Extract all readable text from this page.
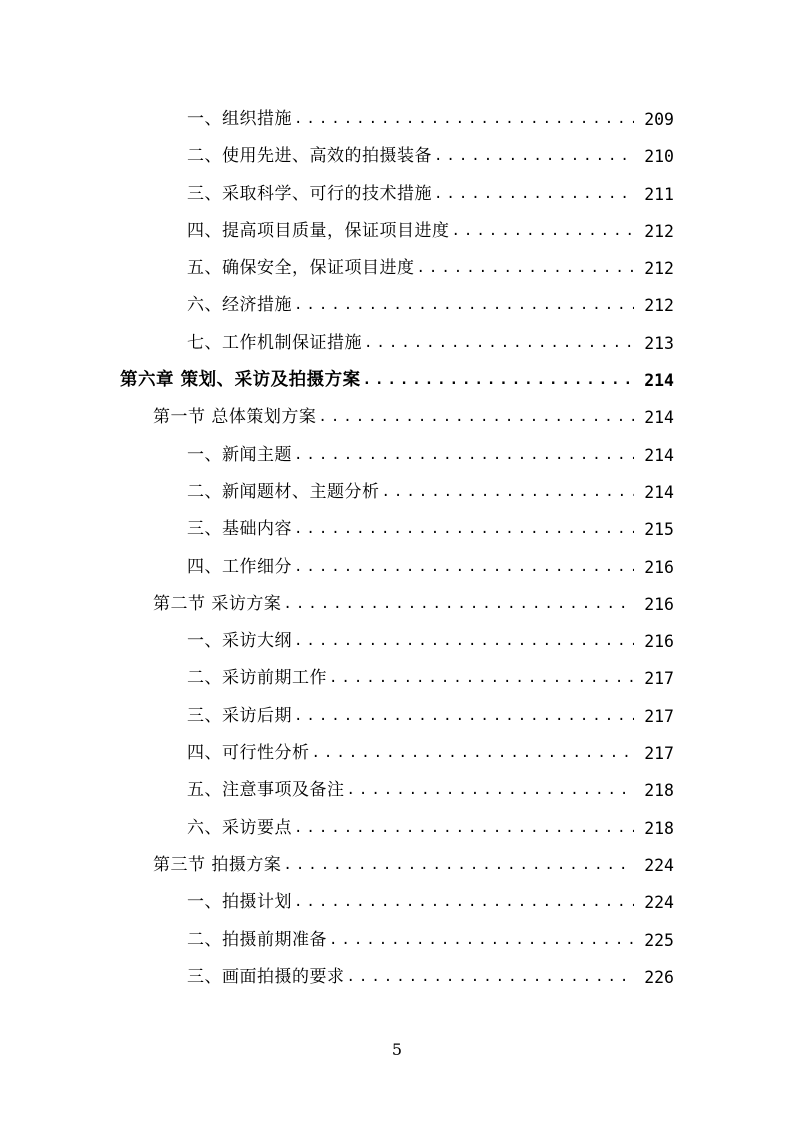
一、组织措施 .....	209
二、使用先进、高效的拍摄装备 .....	210
三、采取科学、可行的技术措施 .....	211
四、提高项目质量，保证项目进度 .....	212
五、确保安全，保证项目进度 .....	212
六、经济措施 .....	212
七、工作机制保证措施 .....	213
第六章 策划、采访及拍摄方案 .....	214
第一节 总体策划方案 .....	214
一、新闻主题 .....	214
二、新闻题材、主题分析 .....	214
三、基础内容 .....	215
四、工作细分 .....	216
第二节 采访方案 .....	216
一、采访大纲 .....	216
二、采访前期工作 .....	217
三、采访后期 .....	217
四、可行性分析 .....	217
五、注意事项及备注 .....	218
六、采访要点 .....	218
第三节 拍摄方案 .....	224
一、拍摄计划 .....	224
二、拍摄前期准备 .....	225
三、画面拍摄的要求 .....	226
5
